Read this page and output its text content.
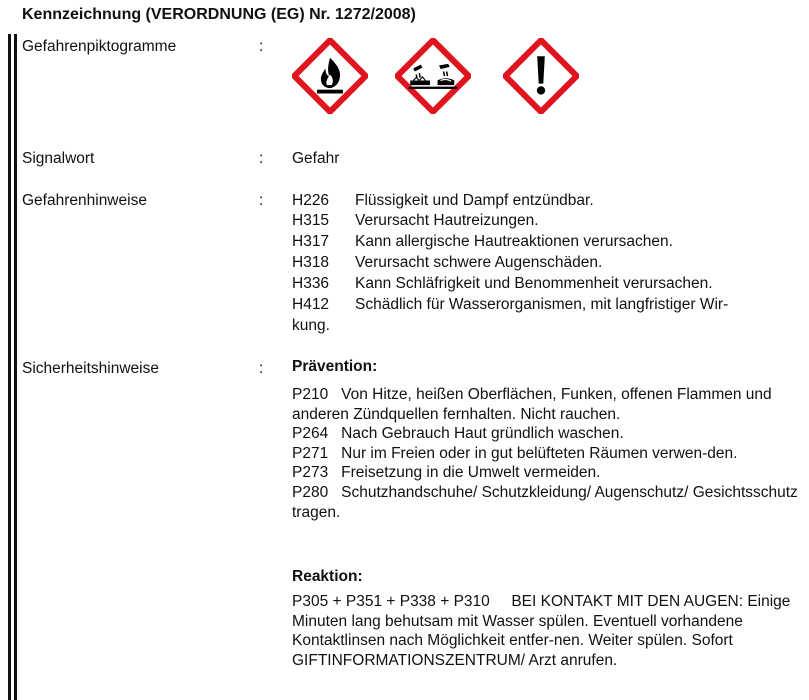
Kennzeichnung (VERORDNUNG (EG) Nr. 1272/2008)
Gefahrenpiktogramme	:
Signalwort	: Gefahr
Gefahrenhinweise	: H226 Flüssigkeit und Dampf entzündbar.
H315 Verursacht Hautreizungen.
H317 Kann allergische Hautreaktionen verursachen.
H318 Verursacht schwere Augenschäden.
H336 Kann Schläfrigkeit und Benommenheit verursachen.
H412 Schädlich für Wasserorganismen, mit langfristiger Wir-
kung.
Sicherheitshinweise	: Prävention:
P210 Von Hitze, heißen Oberflächen, Funken, offenen Flammen und anderen Zündquellen fernhalten. Nicht rauchen.
P264 Nach Gebrauch Haut gründlich waschen.
P271 Nur im Freien oder in gut belüfteten Räumen verwen-den.
P273 Freisetzung in die Umwelt vermeiden.
P280 Schutzhandschuhe/ Schutzkleidung/ Augenschutz/ Gesichtsschutz tragen.
Reaktion:
P305 + P351 + P338 + P310 BEI KONTAKT MIT DEN AUGEN: Einige Minuten lang behutsam mit Wasser spülen. Eventuell vorhandene Kontaktlinsen nach Möglichkeit entfer-nen. Weiter spülen. Sofort GIFTINFORMATIONSZENTRUM/ Arzt anrufen.
